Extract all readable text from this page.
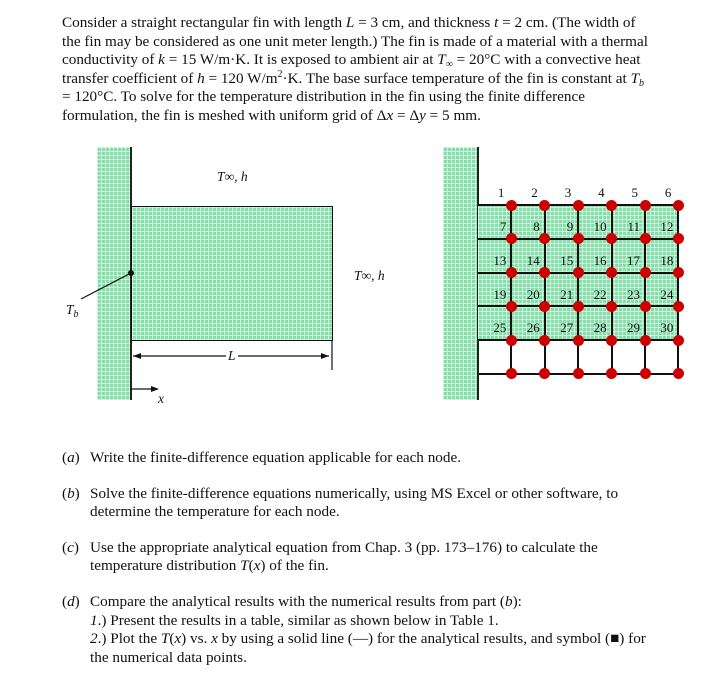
Consider a straight rectangular fin with length L = 3 cm, and thickness t = 2 cm. (The width of
the fin may be considered as one unit meter length.) The fin is made of a material with a thermal
conductivity of k = 15 W/m·K. It is exposed to ambient air at $T_\infty = 20^\circ C$ with a convective heat
transfer coefficient of h = 120 $W/m^2\cdot K$. The base surface temperature of the fin is constant at $T_b$
= 120°C. To solve for the temperature distribution in the fin using the finite difference
formulation, the fin is meshed with uniform grid of Δx = Δy = 5 mm.
T∞, h
T∞, h
L
$T_b$
x
1	2	3	4	5	6
7	8	9	10	11	12
13	14	15	16	17	18
19	20	21	22	23	24
25	26	27	28	29	30
(a) Write the finite-difference equation applicable for each node.
(b) Solve the finite-difference equations numerically, using MS Excel or other software, to
determine the temperature for each node.
(c) Use the appropriate analytical equation from Chap. 3 (pp. 173–176) to calculate the
temperature distribution T(x) of the fin.
(d) Compare the analytical results with the numerical results from part (b):
1.) Present the results in a table, similar as shown below in Table 1.
2.) Plot the T(x) vs. x by using a solid line (—) for the analytical results, and symbol (■) for
the numerical data points.
